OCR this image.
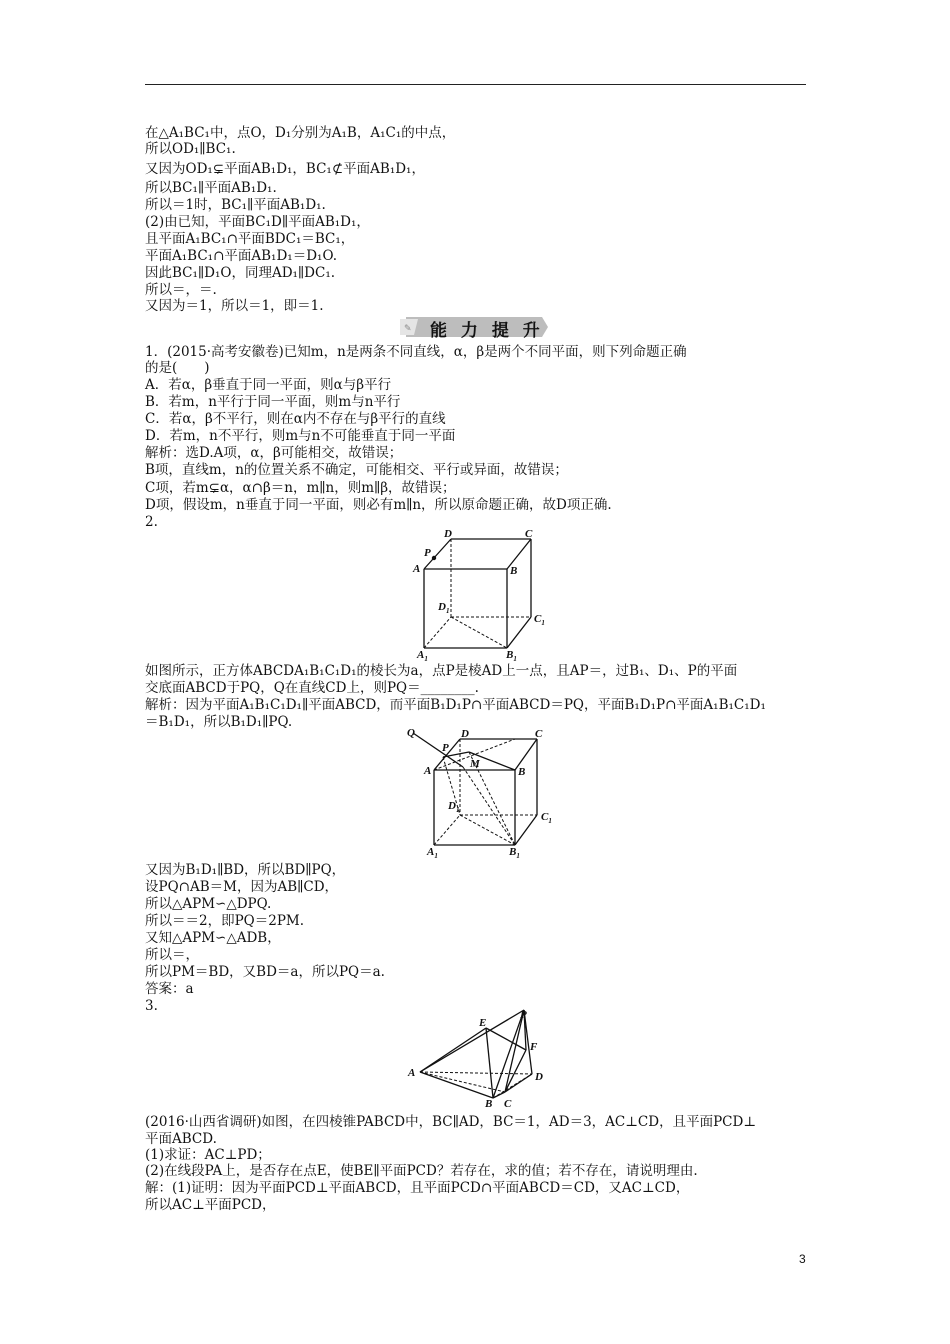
在△A₁BC₁中，点O，D₁分别为A₁B，A₁C₁的中点，
所以OD₁∥BC₁.
又因为OD₁⊊平面AB₁D₁，BC₁⊄平面AB₁D₁，
所以BC₁∥平面AB₁D₁.
所以＝1时，BC₁∥平面AB₁D₁.
(2)由已知，平面BC₁D∥平面AB₁D₁，
且平面A₁BC₁∩平面BDC₁＝BC₁，
平面A₁BC₁∩平面AB₁D₁＝D₁O.
因此BC₁∥D₁O，同理AD₁∥DC₁.
所以＝，＝.
又因为＝1，所以＝1，即＝1.
✎ 能 力 提 升
1．(2015·高考安徽卷)已知m，n是两条不同直线，α，β是两个不同平面，则下列命题正确
的是(　　)
A．若α，β垂直于同一平面，则α与β平行
B．若m，n平行于同一平面，则m与n平行
C．若α，β不平行，则在α内不存在与β平行的直线
D．若m，n不平行，则m与n不可能垂直于同一平面
解析：选D.A项，α，β可能相交，故错误；
B项，直线m，n的位置关系不确定，可能相交、平行或异面，故错误；
C项，若m⊊α，α∩β＝n，m∥n，则m∥β，故错误；
D项，假设m，n垂直于同一平面，则必有m∥n，所以原命题正确，故D项正确.
2.
D	C
P
A	B
$D_1$
$C_1$
$A_1$	$B_1$
如图所示，正方体ABCDA₁B₁C₁D₁的棱长为a，点P是棱AD上一点，且AP＝，过B₁、D₁、P的平面
交底面ABCD于PQ，Q在直线CD上，则PQ＝________.
解析：因为平面A₁B₁C₁D₁∥平面ABCD，而平面B₁D₁P∩平面ABCD＝PQ，平面B₁D₁P∩平面A₁B₁C₁D₁
＝B₁D₁，所以B₁D₁∥PQ.
Q
P
D	C
A
M
B
$D_1$
$C_1$
$A_1$	$B_1$
又因为B₁D₁∥BD，所以BD∥PQ，
设PQ∩AB＝M，因为AB∥CD，
所以△APM∽△DPQ.
所以＝＝2，即PQ＝2PM.
又知△APM∽△ADB，
所以＝，
所以PM＝BD，又BD＝a，所以PQ＝a.
答案：a
3.
P
E
F
A	D
B C
(2016·山西省调研)如图，在四棱锥PABCD中，BC∥AD，BC＝1，AD＝3，AC⊥CD，且平面PCD⊥
平面ABCD.
(1)求证：AC⊥PD；
(2)在线段PA上，是否存在点E，使BE∥平面PCD？若存在，求的值；若不存在，请说明理由.
解：(1)证明：因为平面PCD⊥平面ABCD，且平面PCD∩平面ABCD＝CD，又AC⊥CD，
所以AC⊥平面PCD，
3
